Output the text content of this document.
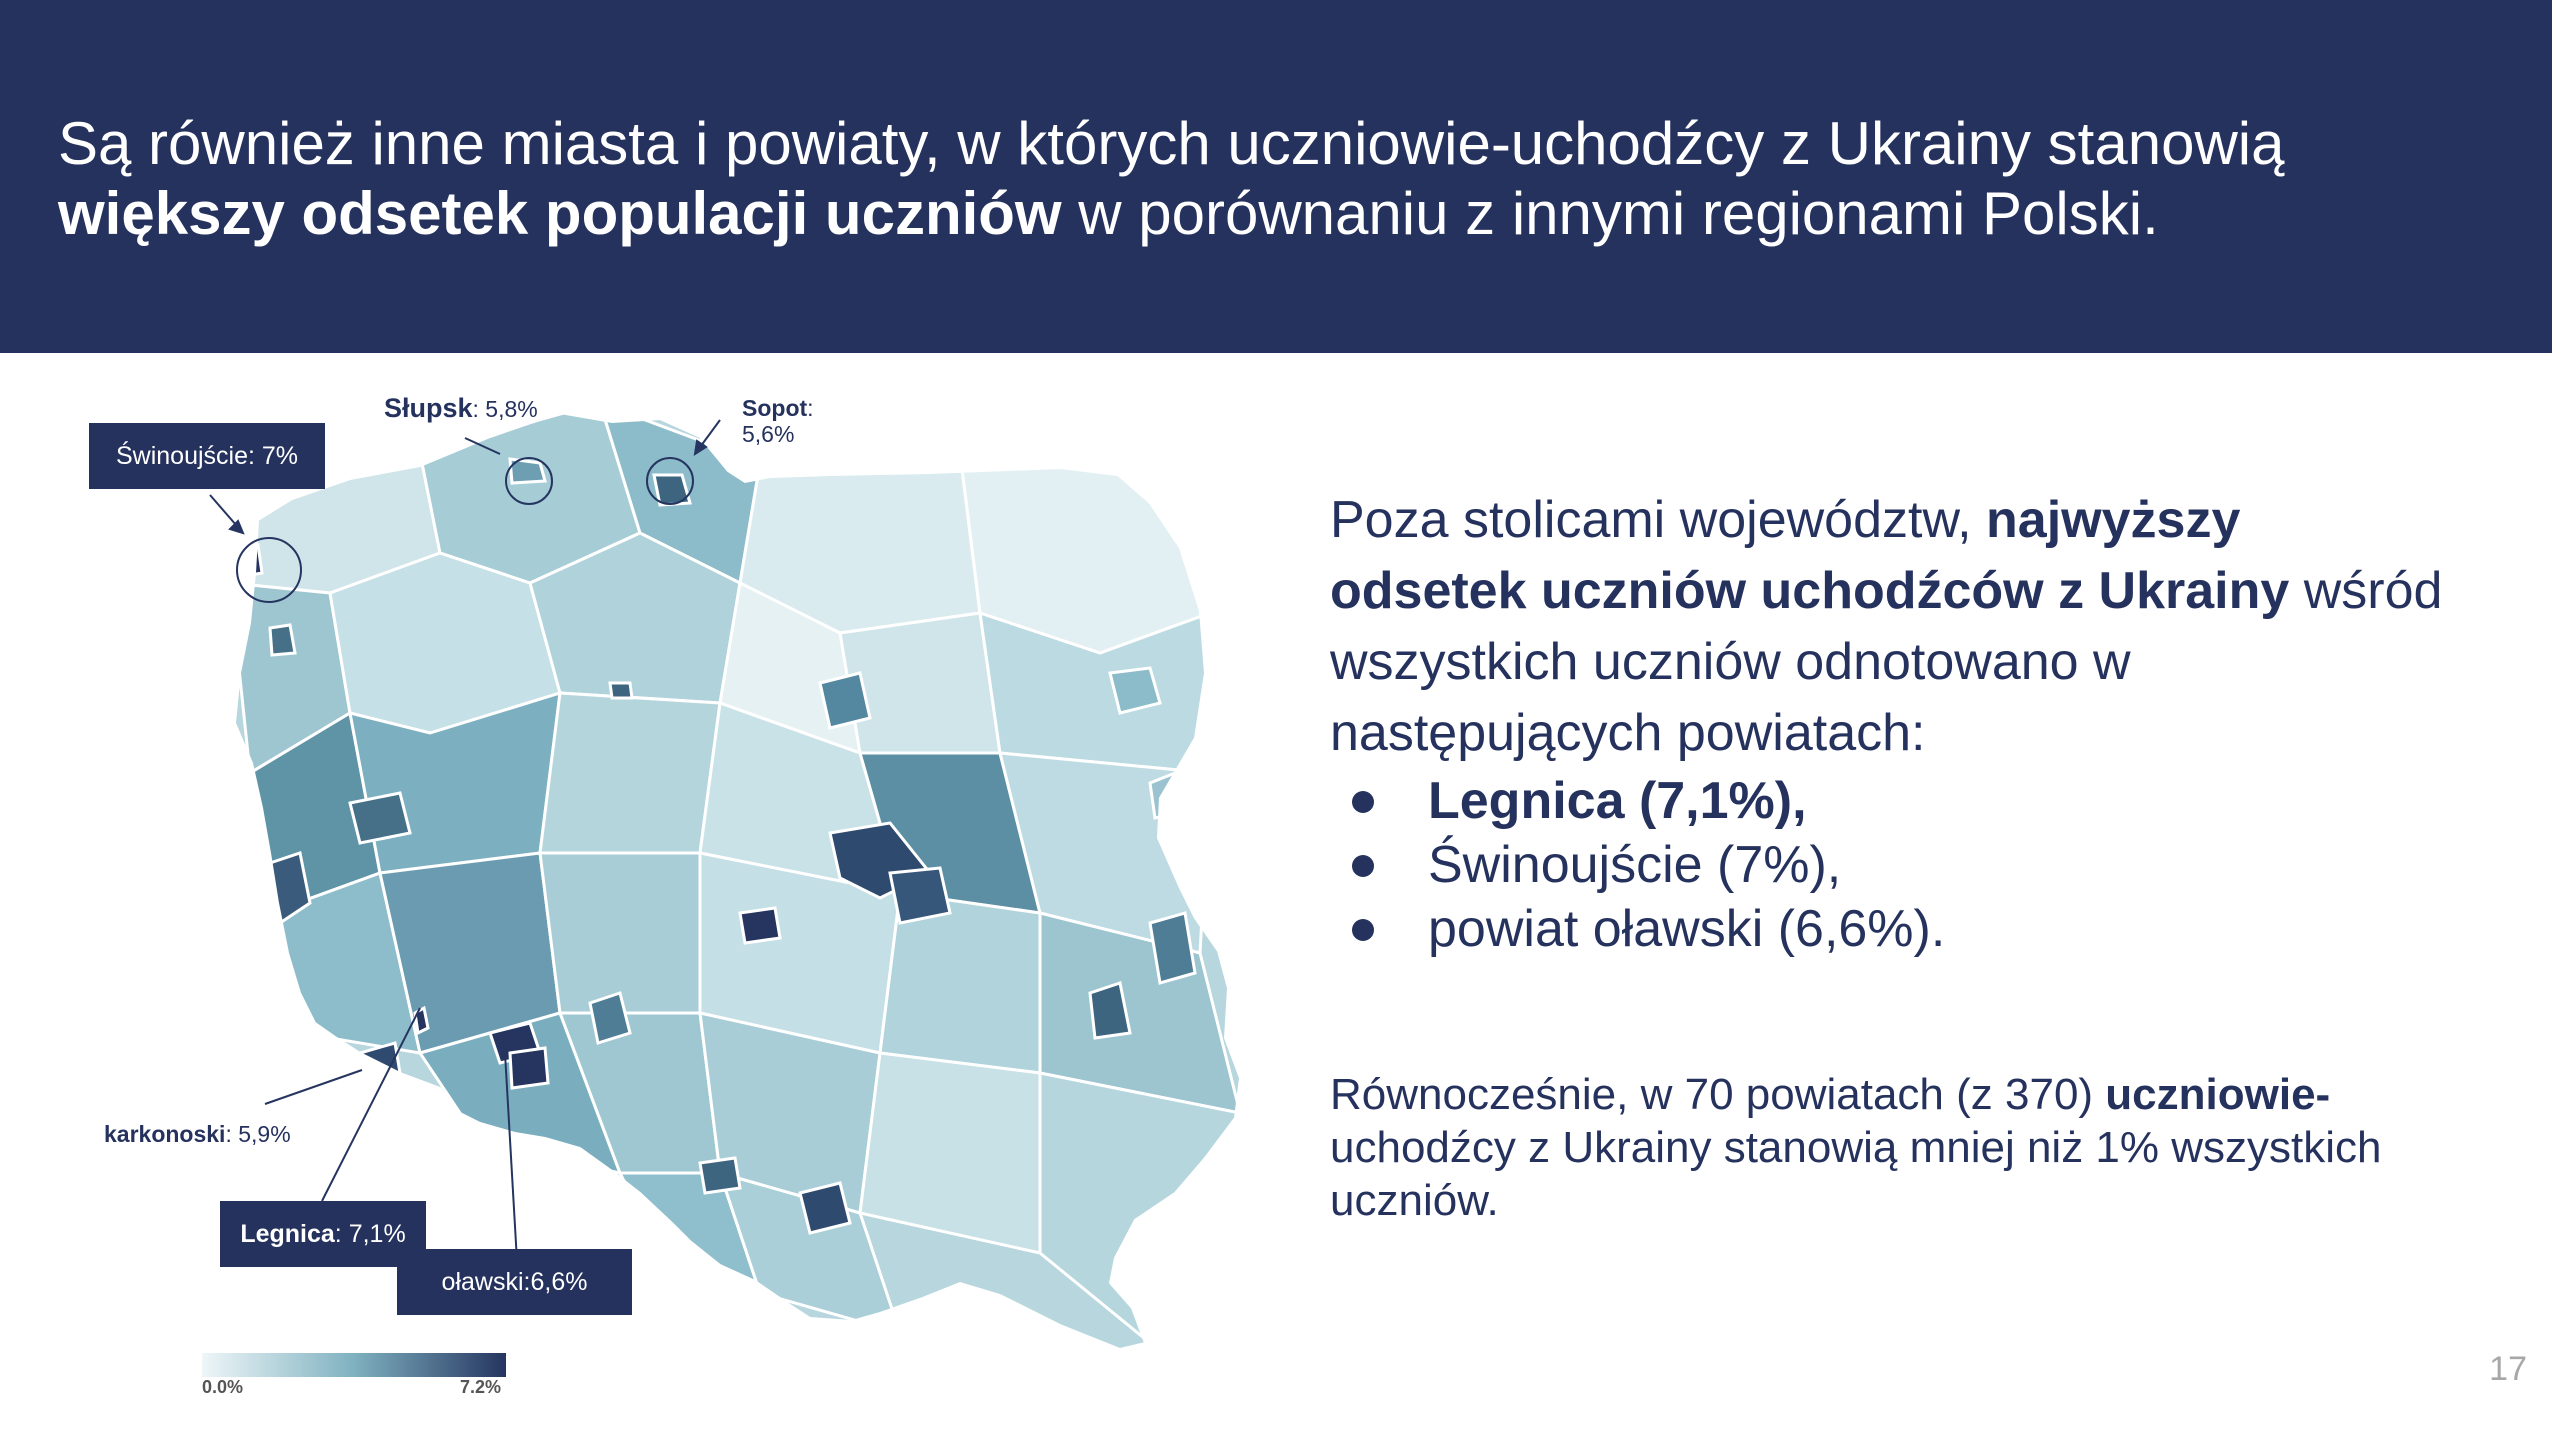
Są również inne miasta i powiaty, w których uczniowie-uchodźcy z Ukrainy stanowią
większy odsetek populacji uczniów w porównaniu z innymi regionami Polski.
0.0%	7.2%
Świnoujście: 7%
Słupsk: 5,8%	Sopot:
5,6%
karkonoski: 5,9%
Legnica : 7,1%
oławski:6,6%
Poza stolicami województw, najwyższy odsetek uczniów uchodźców z Ukrainy wśród wszystkich uczniów odnotowano w następujących powiatach:
Legnica (7,1%),
Świnoujście (7%),
powiat oławski (6,6%).
Równocześnie, w 70 powiatach (z 370) uczniowie-uchodźcy z Ukrainy stanowią mniej niż 1% wszystkich uczniów.
17
